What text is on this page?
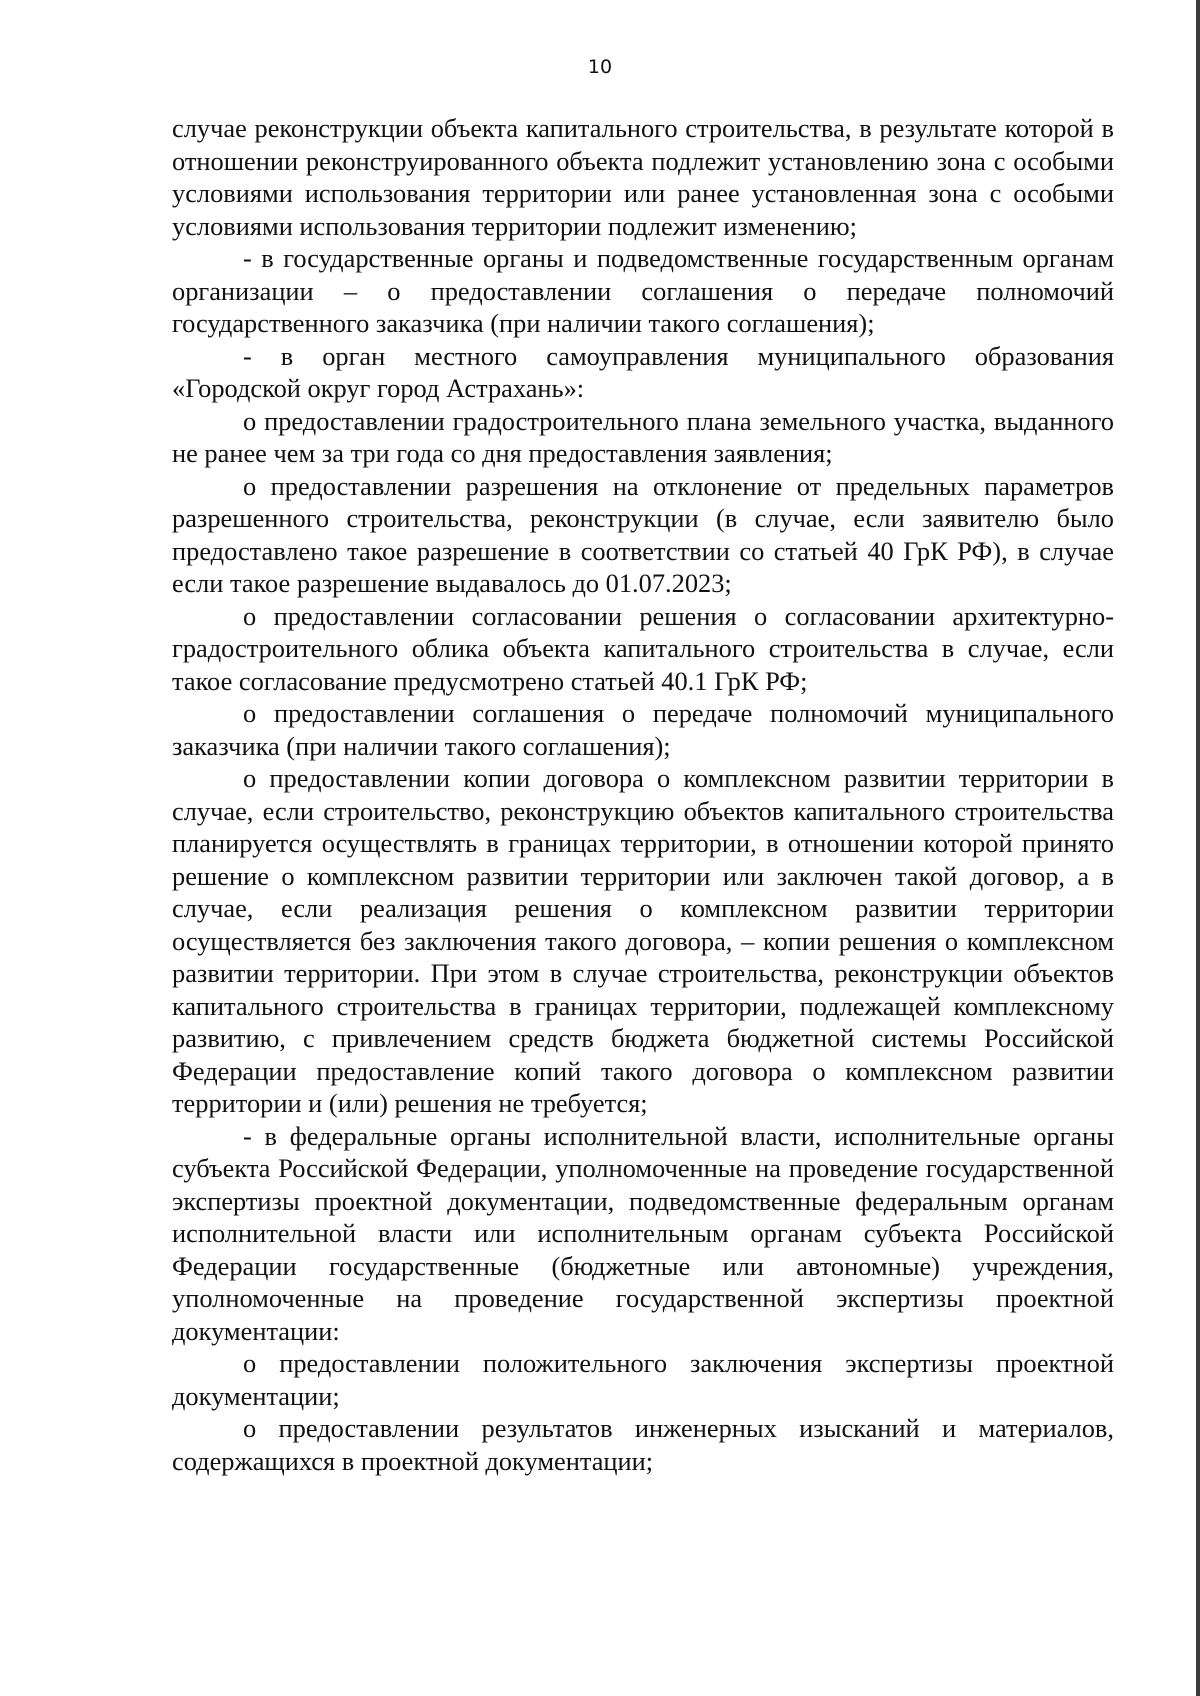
10

случае реконструкции объекта капитального строительства, в результате которой в отношении реконструированного объекта подлежит установлению зона с особыми условиями использования территории или ранее установленная зона с особыми условиями использования территории подлежит изменению;

- в государственные органы и подведомственные государственным органам организации – о предоставлении соглашения о передаче полномочий государственного заказчика (при наличии такого соглашения);

- в орган местного самоуправления муниципального образования «Городской округ город Астрахань»:

о предоставлении градостроительного плана земельного участка, выданного не ранее чем за три года со дня предоставления заявления;

о предоставлении разрешения на отклонение от предельных параметров разрешенного строительства, реконструкции (в случае, если заявителю было предоставлено такое разрешение в соответствии со статьей 40 ГрК РФ), в случае если такое разрешение выдавалось до 01.07.2023;

о предоставлении согласовании решения о согласовании архитектурно-градостроительного облика объекта капитального строительства в случае, если такое согласование предусмотрено статьей 40.1 ГрК РФ;

о предоставлении соглашения о передаче полномочий муниципального заказчика (при наличии такого соглашения);

о предоставлении копии договора о комплексном развитии территории в случае, если строительство, реконструкцию объектов капитального строительства планируется осуществлять в границах территории, в отношении которой принято решение о комплексном развитии территории или заключен такой договор, а в случае, если реализация решения о комплексном развитии территории осуществляется без заключения такого договора, – копии решения о комплексном развитии территории. При этом в случае строительства, реконструкции объектов капитального строительства в границах территории, подлежащей комплексному развитию, с привлечением средств бюджета бюджетной системы Российской Федерации предоставление копий такого договора о комплексном развитии территории и (или) решения не требуется;

- в федеральные органы исполнительной власти, исполнительные органы субъекта Российской Федерации, уполномоченные на проведение государственной экспертизы проектной документации, подведомственные федеральным органам исполнительной власти или исполнительным органам субъекта Российской Федерации государственные (бюджетные или автономные) учреждения, уполномоченные на проведение государственной экспертизы проектной документации:

о предоставлении положительного заключения экспертизы проектной документации;

о предоставлении результатов инженерных изысканий и материалов, содержащихся в проектной документации;
